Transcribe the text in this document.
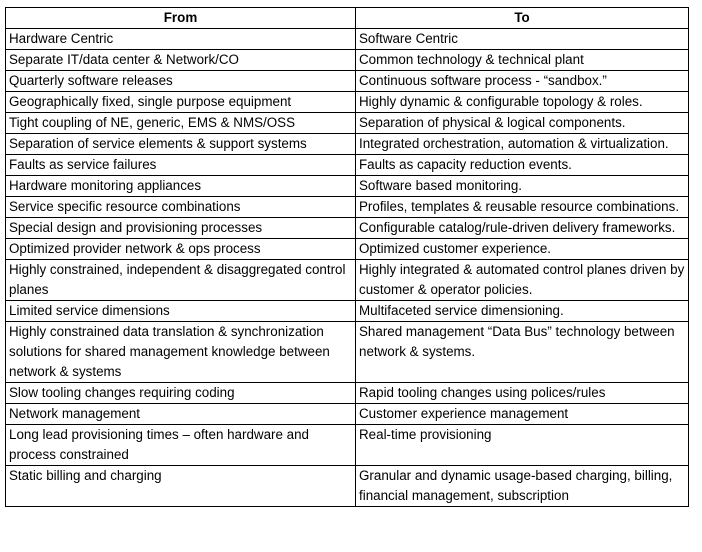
From	To
Hardware Centric	Software Centric
Separate IT/data center & Network/CO	Common technology & technical plant
Quarterly software releases	Continuous software process - “sandbox.”
Geographically fixed, single purpose equipment	Highly dynamic & configurable topology & roles.
Tight coupling of NE, generic, EMS & NMS/OSS	Separation of physical & logical components.
Separation of service elements & support systems	Integrated orchestration, automation & virtualization.
Faults as service failures	Faults as capacity reduction events.
Hardware monitoring appliances	Software based monitoring.
Service specific resource combinations	Profiles, templates & reusable resource combinations.
Special design and provisioning processes	Configurable catalog/rule-driven delivery frameworks.
Optimized provider network & ops process	Optimized customer experience.
Highly constrained, independent & disaggregated control planes	Highly integrated & automated control planes driven by customer & operator policies.
Limited service dimensions	Multifaceted service dimensioning.
Highly constrained data translation & synchronization solutions for shared management knowledge between network & systems	Shared management “Data Bus” technology between network & systems.
Slow tooling changes requiring coding	Rapid tooling changes using polices/rules
Network management	Customer experience management
Long lead provisioning times – often hardware and process constrained	Real-time provisioning
Static billing and charging	Granular and dynamic usage-based charging, billing, financial management, subscription
